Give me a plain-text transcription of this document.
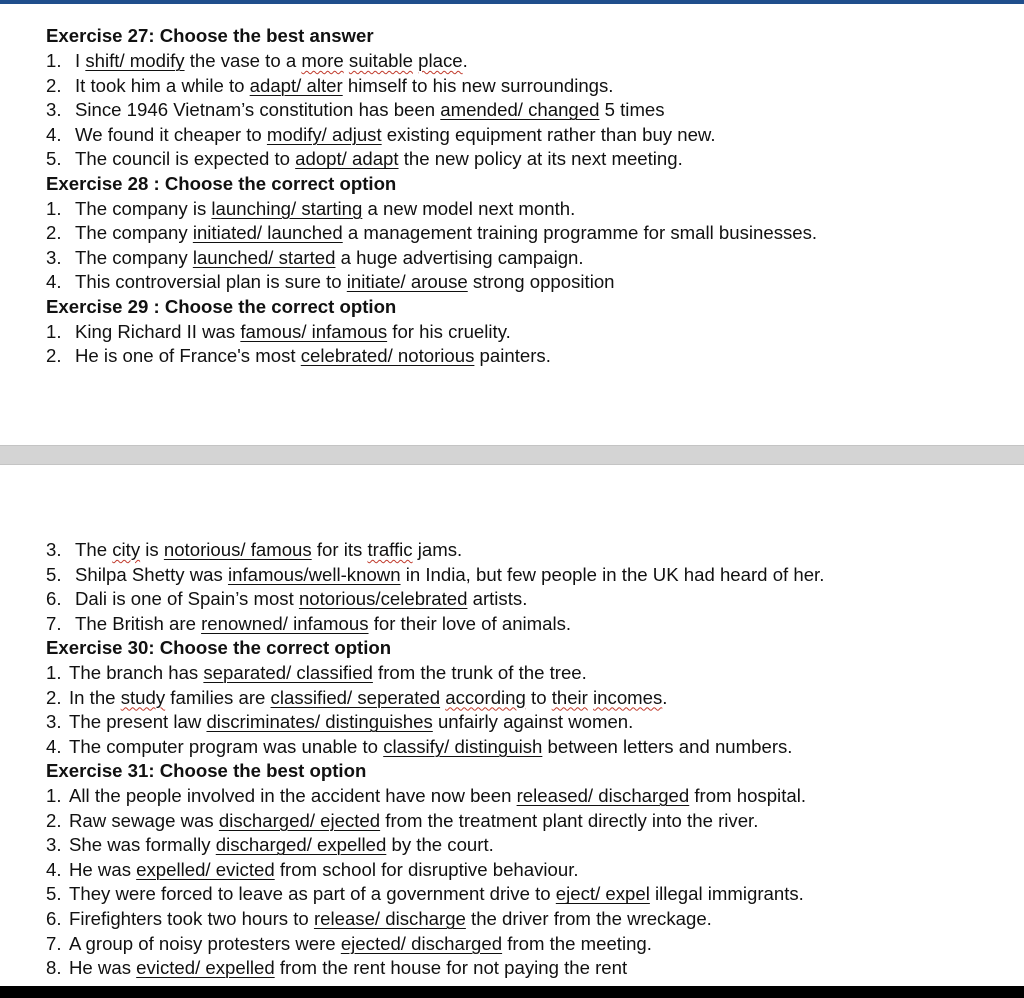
Exercise 27: Choose the best answer
1. I shift/ modify the vase to a more suitable place.
2. It took him a while to adapt/ alter himself to his new surroundings.
3. Since 1946 Vietnam’s constitution has been amended/ changed 5 times
4. We found it cheaper to modify/ adjust existing equipment rather than buy new.
5. The council is expected to adopt/ adapt the new policy at its next meeting.
Exercise 28 : Choose the correct option
1. The company is launching/ starting a new model next month.
2. The company initiated/ launched a management training programme for small businesses.
3. The company launched/ started a huge advertising campaign.
4. This controversial plan is sure to initiate/ arouse strong opposition
Exercise 29 : Choose the correct option
1. King Richard II was famous/ infamous for his cruelity.
2. He is one of France's most celebrated/ notorious painters.
3. The city is notorious/ famous for its traffic jams.
5. Shilpa Shetty was infamous/well-known in India, but few people in the UK had heard of her.
6. Dali is one of Spain’s most notorious/celebrated artists.
7. The British are renowned/ infamous for their love of animals.
Exercise 30: Choose the correct option
1. The branch has separated/ classified from the trunk of the tree.
2. In the study families are classified/ seperated according to their incomes.
3. The present law discriminates/ distinguishes unfairly against women.
4. The computer program was unable to classify/ distinguish between letters and numbers.
Exercise 31: Choose the best option
1. All the people involved in the accident have now been released/ discharged from hospital.
2. Raw sewage was discharged/ ejected from the treatment plant directly into the river.
3. She was formally discharged/ expelled by the court.
4. He was expelled/ evicted from school for disruptive behaviour.
5. They were forced to leave as part of a government drive to eject/ expel illegal immigrants.
6. Firefighters took two hours to release/ discharge the driver from the wreckage.
7. A group of noisy protesters were ejected/ discharged from the meeting.
8. He was evicted/ expelled from the rent house for not paying the rent
